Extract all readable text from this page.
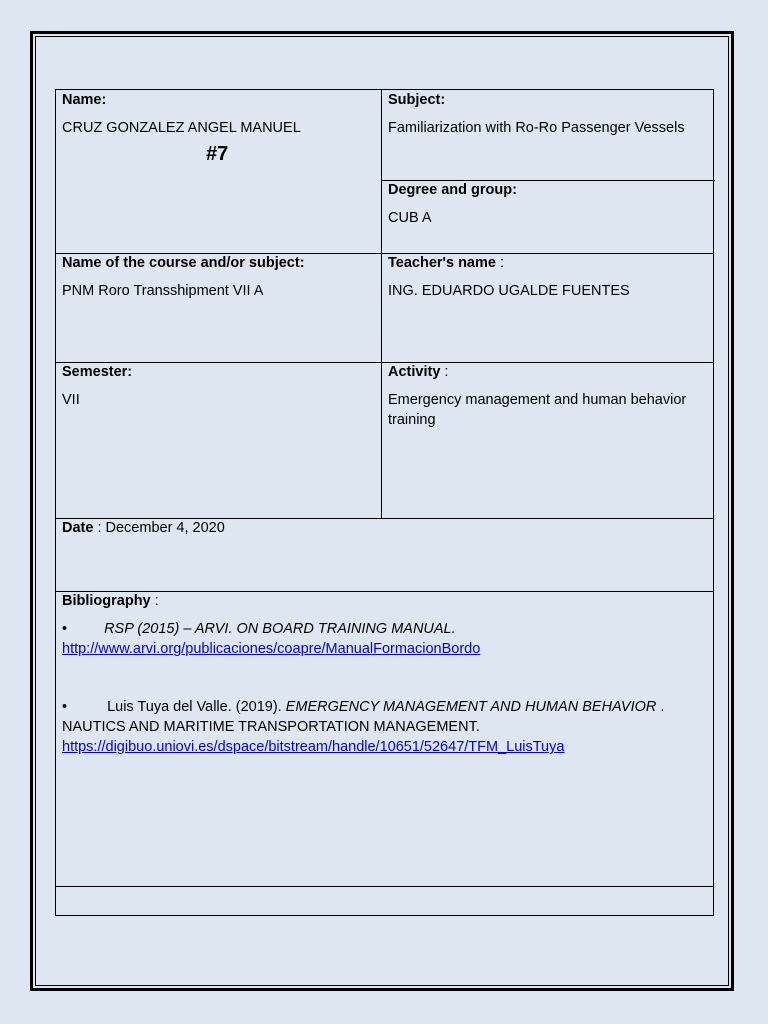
Name:
CRUZ GONZALEZ ANGEL MANUEL
#7
Subject:
Familiarization with Ro-Ro Passenger Vessels
Degree and group:
CUB A
Name of the course and/or subject:
PNM Roro Transshipment VII A
Teacher's name :
ING. EDUARDO UGALDE FUENTES
Semester:
VII
Activity :
Emergency management and human behavior training
Date : December 4, 2020
Bibliography :
•	RSP (2015) – ARVI. ON BOARD TRAINING MANUAL.
http://www.arvi.org/publicaciones/coapre/ManualFormacionBordo
•	Luis Tuya del Valle. (2019). EMERGENCY MANAGEMENT AND HUMAN BEHAVIOR . NAUTICS AND MARITIME TRANSPORTATION MANAGEMENT.
https://digibuo.uniovi.es/dspace/bitstream/handle/10651/52647/TFM_LuisTuya
